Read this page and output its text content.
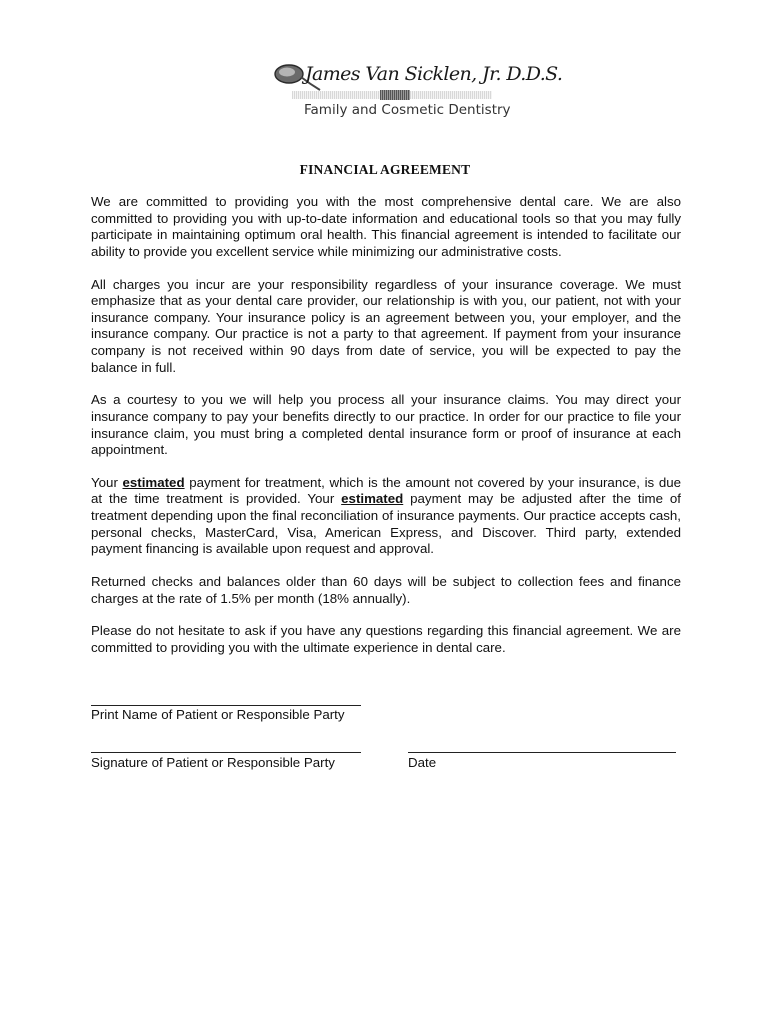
James Van Sicklen, Jr. D.D.S.
Family and Cosmetic Dentistry
FINANCIAL AGREEMENT

We are committed to providing you with the most comprehensive dental care. We are also committed to providing you with up-to-date information and educational tools so that you may fully participate in maintaining optimum oral health. This financial agreement is intended to facilitate our ability to provide you excellent service while minimizing our administrative costs.

All charges you incur are your responsibility regardless of your insurance coverage. We must emphasize that as your dental care provider, our relationship is with you, our patient, not with your insurance company. Your insurance policy is an agreement between you, your employer, and the insurance company. Our practice is not a party to that agreement. If payment from your insurance company is not received within 90 days from date of service, you will be expected to pay the balance in full.

As a courtesy to you we will help you process all your insurance claims. You may direct your insurance company to pay your benefits directly to our practice. In order for our practice to file your insurance claim, you must bring a completed dental insurance form or proof of insurance at each appointment.

Your estimated payment for treatment, which is the amount not covered by your insurance, is due at the time treatment is provided. Your estimated payment may be adjusted after the time of treatment depending upon the final reconciliation of insurance payments. Our practice accepts cash, personal checks, MasterCard, Visa, American Express, and Discover. Third party, extended payment financing is available upon request and approval.

Returned checks and balances older than 60 days will be subject to collection fees and finance charges at the rate of 1.5% per month (18% annually).

Please do not hesitate to ask if you have any questions regarding this financial agreement. We are committed to providing you with the ultimate experience in dental care.

Print Name of Patient or Responsible Party
Signature of Patient or Responsible Party	Date
